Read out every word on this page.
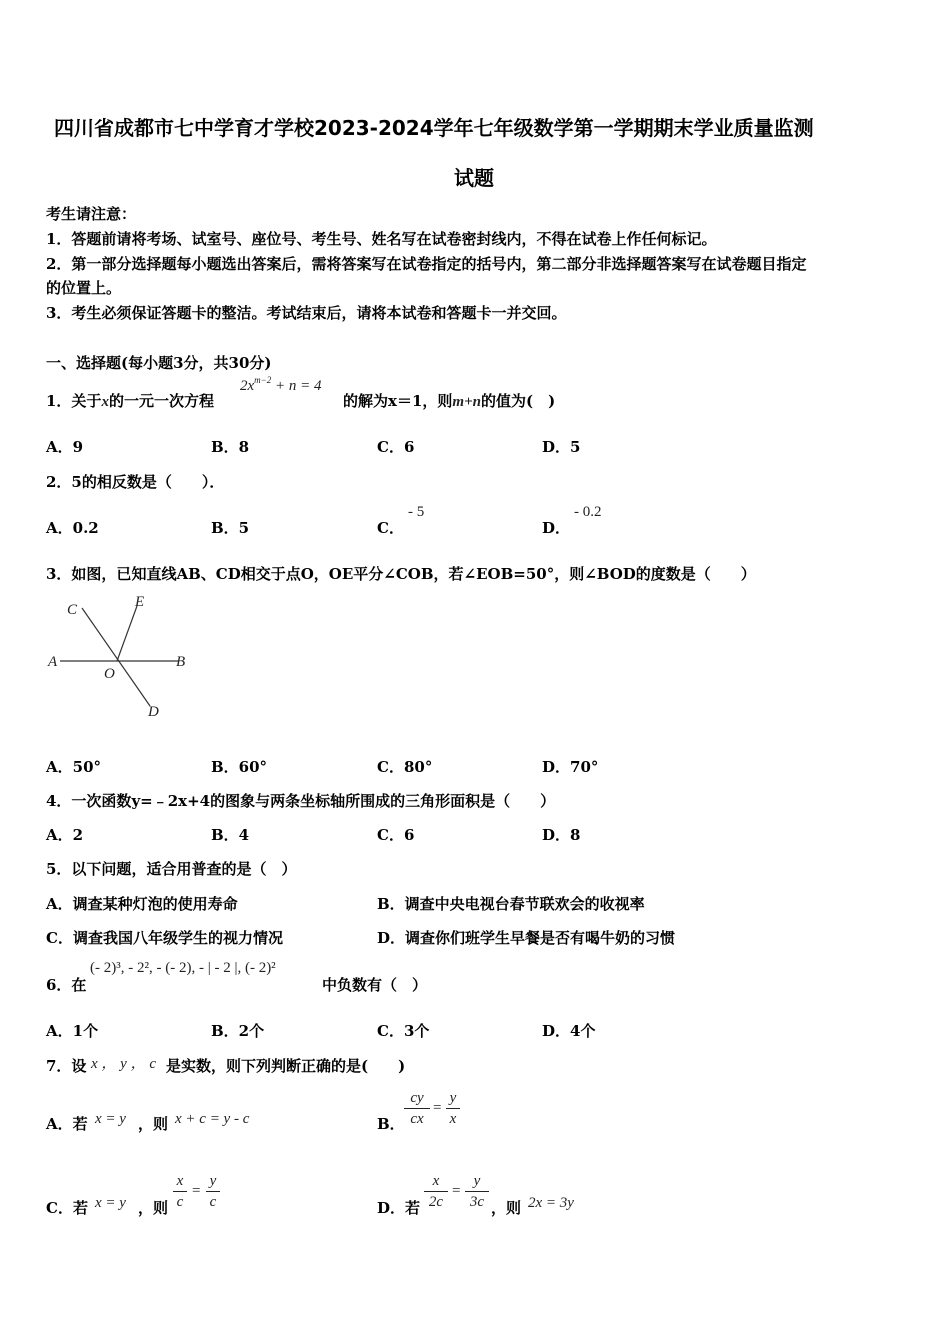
四川省成都市七中学育才学校2023-2024学年七年级数学第一学期期末学业质量监测
试题
考生请注意：
1．答题前请将考场、试室号、座位号、考生号、姓名写在试卷密封线内，不得在试卷上作任何标记。
2．第一部分选择题每小题选出答案后，需将答案写在试卷指定的括号内，第二部分非选择题答案写在试卷题目指定
的位置上。
3．考生必须保证答题卡的整洁。考试结束后，请将本试卷和答题卡一并交回。
一、选择题(每小题3分，共30分)
1．关于x的一元一次方程
$2x^{m-2} + n = 4$
的解为x＝1，则m+n的值为(　)
A．9	B．8	C．6	D．5
2．5的相反数是（　　）．
A．0.2	B．5	C．
- 5
D．
- 0.2
3．如图，已知直线AB、CD相交于点O，OE平分∠COB，若∠EOB=50°，则∠BOD的度数是（　　）
C	E
A
O
B
D
A．50°	B．60°	C．80°	D．70°
4．一次函数y=﹣2x+4的图象与两条坐标轴所围成的三角形面积是（　　）
A．2	B．4	C．6	D．8
5．以下问题，适合用普查的是（　）
A．调查某种灯泡的使用寿命	B．调查中央电视台春节联欢会的收视率
C．调查我国八年级学生的视力情况	D．调查你们班学生早餐是否有喝牛奶的习惯
6．在
(- 2)³, - 2², - (- 2), - | - 2 |, (- 2)²
中负数有（　）
A．1个	B．2个	C．3个	D．4个
7．设 x ， y ， c 是实数，则下列判断正确的是(　　)
A．若 x = y ，则 x + c = y - c	B．
cy
cx
=
y
x
C．若 x = y ，则
x
c
=
y
c	D．若
x
2c
=
y
3c ，则 2x = 3y
